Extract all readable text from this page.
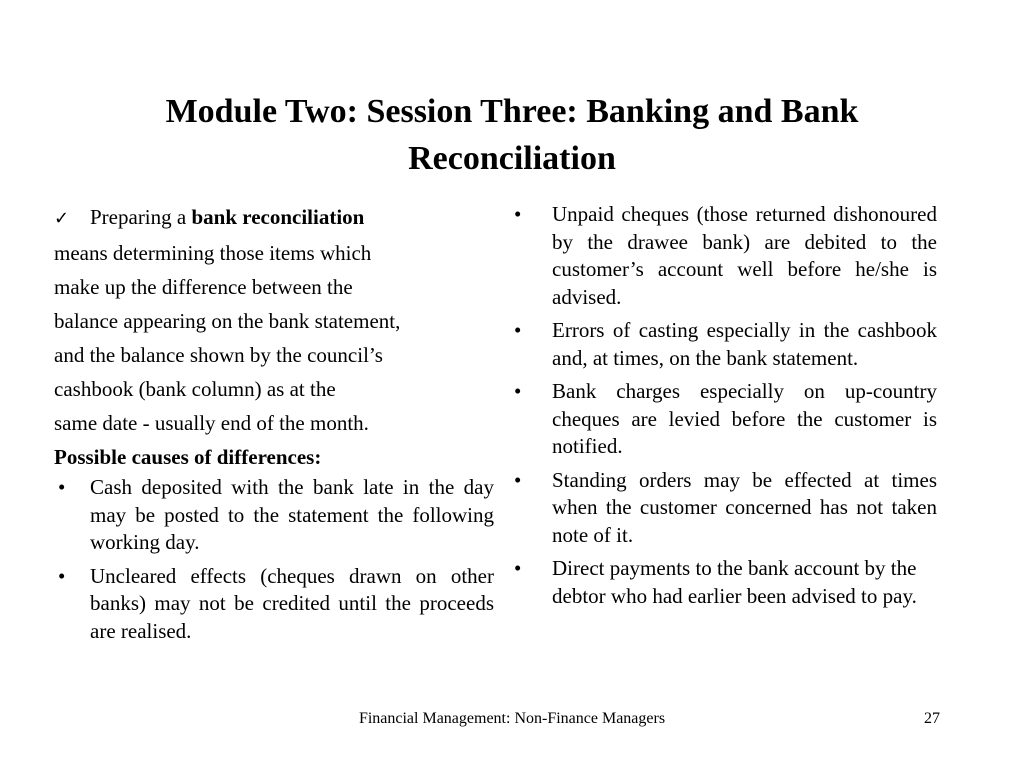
Module Two: Session Three: Banking and Bank Reconciliation
✓ Preparing a bank reconciliation
means determining those items which
make up the difference between the
balance appearing on the bank statement,
and the balance shown by the council’s
cashbook (bank column) as at the
same date - usually end of the month.
Possible causes of differences:
•	Cash deposited with the bank late in the day may be posted to the statement the following working day.
•	Uncleared effects (cheques drawn on other banks) may not be credited until the proceeds are realised.
•	Unpaid cheques (those returned dishonoured by the drawee bank) are debited to the customer’s account well before he/she is advised.
•	Errors of casting especially in the cashbook and, at times, on the bank statement.
•	Bank charges especially on up-country cheques are levied before the customer is notified.
•	Standing orders may be effected at times when the customer concerned has not taken note of it.
•	Direct payments to the bank account by the debtor who had earlier been advised to pay.
Financial Management: Non-Finance Managers	27
